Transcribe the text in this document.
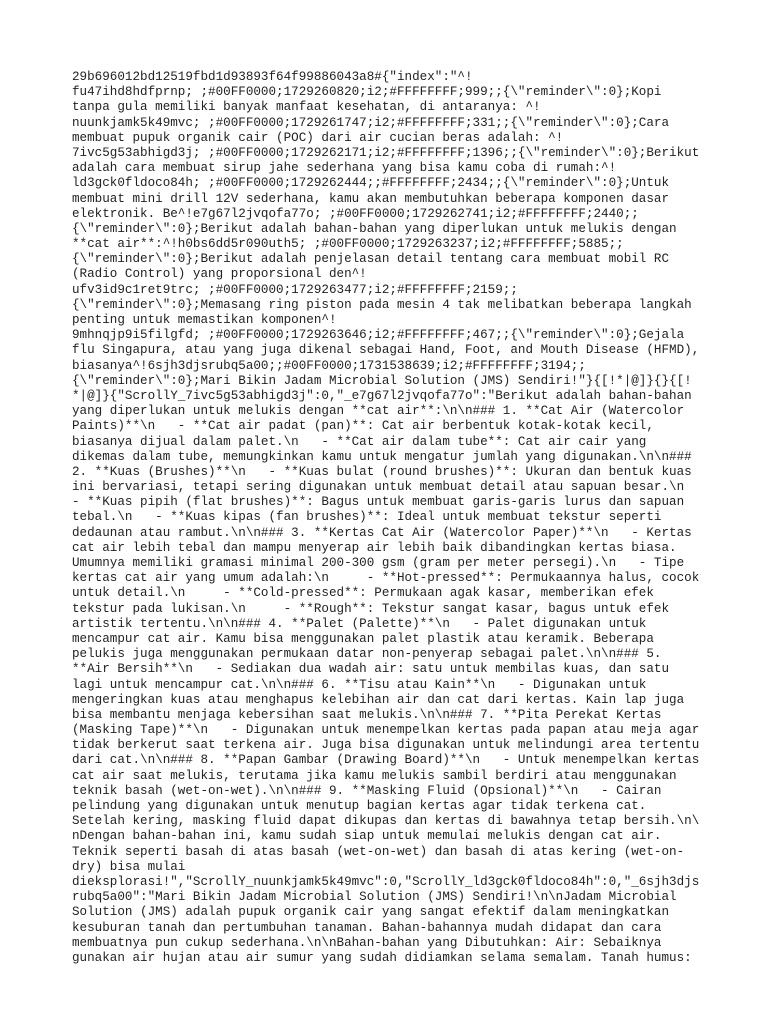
29b696012bd12519fbd1d93893f64f99886043a8#{"index":"^!
fu47ihd8hdfprnp; ;#00FF0000;1729260820;i2;#FFFFFFFF;999;;{\"reminder\":0};Kopi
tanpa gula memiliki banyak manfaat kesehatan, di antaranya: ^!
nuunkjamk5k49mvc; ;#00FF0000;1729261747;i2;#FFFFFFFF;331;;{\"reminder\":0};Cara
membuat pupuk organik cair (POC) dari air cucian beras adalah: ^!
7ivc5g53abhigd3j; ;#00FF0000;1729262171;i2;#FFFFFFFF;1396;;{\"reminder\":0};Berikut
adalah cara membuat sirup jahe sederhana yang bisa kamu coba di rumah:^!
ld3gck0fldoco84h; ;#00FF0000;1729262444;;#FFFFFFFF;2434;;{\"reminder\":0};Untuk
membuat mini drill 12V sederhana, kamu akan membutuhkan beberapa komponen dasar
elektronik. Be^!e7g67l2jvqofa77o; ;#00FF0000;1729262741;i2;#FFFFFFFF;2440;;
{\"reminder\":0};Berikut adalah bahan-bahan yang diperlukan untuk melukis dengan
**cat air**:^!h0bs6dd5r090uth5; ;#00FF0000;1729263237;i2;#FFFFFFFF;5885;;
{\"reminder\":0};Berikut adalah penjelasan detail tentang cara membuat mobil RC
(Radio Control) yang proporsional den^!
ufv3id9c1ret9trc; ;#00FF0000;1729263477;i2;#FFFFFFFF;2159;;
{\"reminder\":0};Memasang ring piston pada mesin 4 tak melibatkan beberapa langkah
penting untuk memastikan komponen^!
9mhnqjp9i5filgfd; ;#00FF0000;1729263646;i2;#FFFFFFFF;467;;{\"reminder\":0};Gejala
flu Singapura, atau yang juga dikenal sebagai Hand, Foot, and Mouth Disease (HFMD),
biasanya^!6sjh3djsrubq5a00;;#00FF0000;1731538639;i2;#FFFFFFFF;3194;;
{\"reminder\":0};Mari Bikin Jadam Microbial Solution (JMS) Sendiri!"}{[!*|@]}{}{[!
*|@]}{"ScrollY_7ivc5g53abhigd3j":0,"_e7g67l2jvqofa77o":"Berikut adalah bahan-bahan
yang diperlukan untuk melukis dengan **cat air**:\n\n### 1. **Cat Air (Watercolor
Paints)**\n   - **Cat air padat (pan)**: Cat air berbentuk kotak-kotak kecil,
biasanya dijual dalam palet.\n   - **Cat air dalam tube**: Cat air cair yang
dikemas dalam tube, memungkinkan kamu untuk mengatur jumlah yang digunakan.\n\n###
2. **Kuas (Brushes)**\n   - **Kuas bulat (round brushes)**: Ukuran dan bentuk kuas
ini bervariasi, tetapi sering digunakan untuk membuat detail atau sapuan besar.\n
- **Kuas pipih (flat brushes)**: Bagus untuk membuat garis-garis lurus dan sapuan
tebal.\n   - **Kuas kipas (fan brushes)**: Ideal untuk membuat tekstur seperti
dedaunan atau rambut.\n\n### 3. **Kertas Cat Air (Watercolor Paper)**\n   - Kertas
cat air lebih tebal dan mampu menyerap air lebih baik dibandingkan kertas biasa.
Umumnya memiliki gramasi minimal 200-300 gsm (gram per meter persegi).\n   - Tipe
kertas cat air yang umum adalah:\n     - **Hot-pressed**: Permukaannya halus, cocok
untuk detail.\n     - **Cold-pressed**: Permukaan agak kasar, memberikan efek
tekstur pada lukisan.\n     - **Rough**: Tekstur sangat kasar, bagus untuk efek
artistik tertentu.\n\n### 4. **Palet (Palette)**\n   - Palet digunakan untuk
mencampur cat air. Kamu bisa menggunakan palet plastik atau keramik. Beberapa
pelukis juga menggunakan permukaan datar non-penyerap sebagai palet.\n\n### 5.
**Air Bersih**\n   - Sediakan dua wadah air: satu untuk membilas kuas, dan satu
lagi untuk mencampur cat.\n\n### 6. **Tisu atau Kain**\n   - Digunakan untuk
mengeringkan kuas atau menghapus kelebihan air dan cat dari kertas. Kain lap juga
bisa membantu menjaga kebersihan saat melukis.\n\n### 7. **Pita Perekat Kertas
(Masking Tape)**\n   - Digunakan untuk menempelkan kertas pada papan atau meja agar
tidak berkerut saat terkena air. Juga bisa digunakan untuk melindungi area tertentu
dari cat.\n\n### 8. **Papan Gambar (Drawing Board)**\n   - Untuk menempelkan kertas
cat air saat melukis, terutama jika kamu melukis sambil berdiri atau menggunakan
teknik basah (wet-on-wet).\n\n### 9. **Masking Fluid (Opsional)**\n   - Cairan
pelindung yang digunakan untuk menutup bagian kertas agar tidak terkena cat.
Setelah kering, masking fluid dapat dikupas dan kertas di bawahnya tetap bersih.\n\
nDengan bahan-bahan ini, kamu sudah siap untuk memulai melukis dengan cat air.
Teknik seperti basah di atas basah (wet-on-wet) dan basah di atas kering (wet-on-
dry) bisa mulai
dieksplorasi!","ScrollY_nuunkjamk5k49mvc":0,"ScrollY_ld3gck0fldoco84h":0,"_6sjh3djs
rubq5a00":"Mari Bikin Jadam Microbial Solution (JMS) Sendiri!\n\nJadam Microbial
Solution (JMS) adalah pupuk organik cair yang sangat efektif dalam meningkatkan
kesuburan tanah dan pertumbuhan tanaman. Bahan-bahannya mudah didapat dan cara
membuatnya pun cukup sederhana.\n\nBahan-bahan yang Dibutuhkan: Air: Sebaiknya
gunakan air hujan atau air sumur yang sudah didiamkan selama semalam. Tanah humus:
